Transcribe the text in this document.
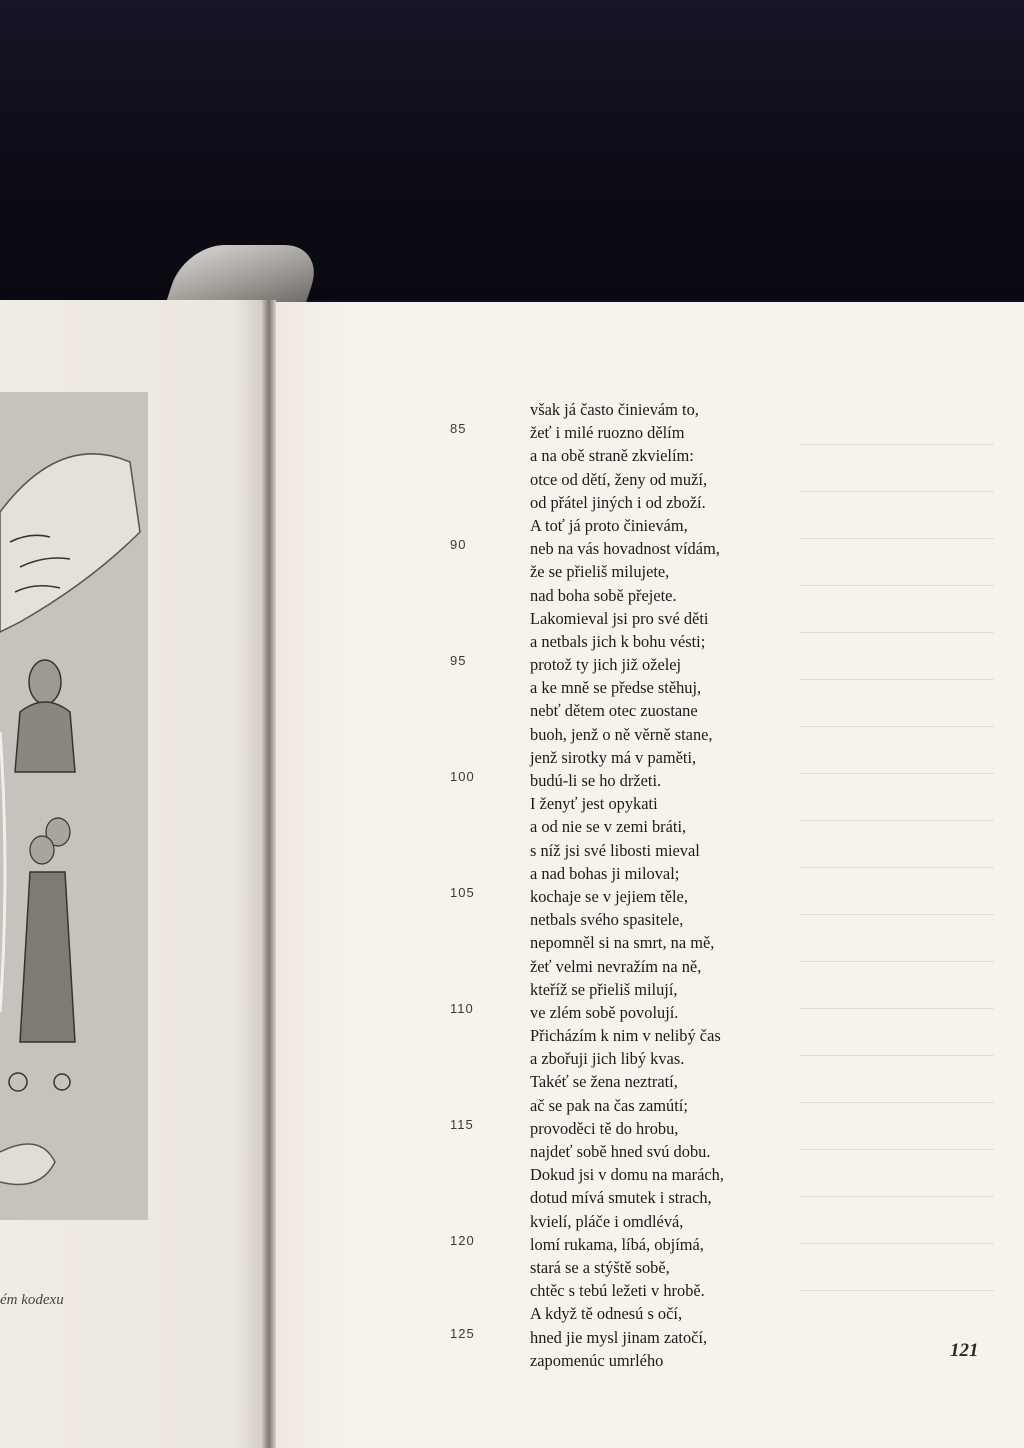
ém kodexu

85
90
95
100
105
110
115
120
125
však já často činievám to,
žeť i milé ruozno dělím
a na obě straně zkvielím:
otce od dětí, ženy od muží,
od přátel jiných i od zboží.
A toť já proto činievám,
neb na vás hovadnost vídám,
že se přieliš milujete,
nad boha sobě přejete.
Lakomieval jsi pro své děti
a netbals jich k bohu vésti;
protož ty jich již oželej
a ke mně se předse stěhuj,
nebť dětem otec zuostane
buoh, jenž o ně věrně stane,
jenž sirotky má v paměti,
budú-li se ho držeti.
I ženyť jest opykati
a od nie se v zemi bráti,
s níž jsi své libosti mieval
a nad bohas ji miloval;
kochaje se v jejiem těle,
netbals svého spasitele,
nepomněl si na smrt, na mě,
žeť velmi nevražím na ně,
kteříž se přieliš milují,
ve zlém sobě povolují.
Přicházím k nim v nelibý čas
a zbořuji jich libý kvas.
Takéť se žena neztratí,
ač se pak na čas zamútí;
provoděci tě do hrobu,
najdeť sobě hned svú dobu.
Dokud jsi v domu na marách,
dotud mívá smutek i strach,
kvielí, pláče i omdlévá,
lomí rukama, líbá, objímá,
stará se a stýště sobě,
chtěc s tebú ležeti v hrobě.
A když tě odnesú s očí,
hned jie mysl jinam zatočí,
zapomenúc umrlého	121
